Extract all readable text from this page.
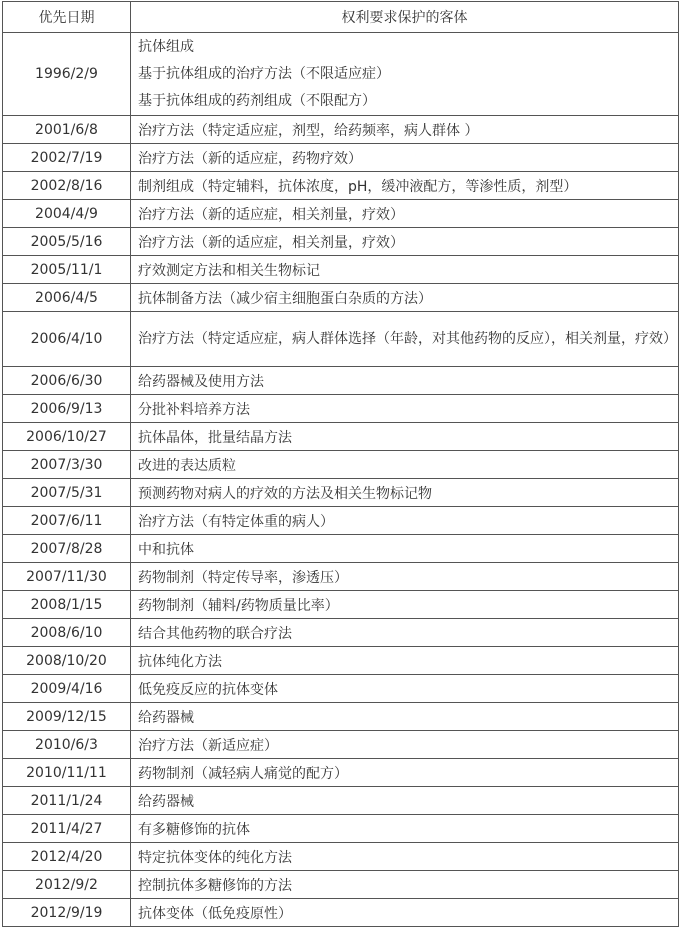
优先日期	权利要求保护的客体
1996/2/9	抗体组成
基于抗体组成的治疗方法（不限适应症）
基于抗体组成的药剂组成（不限配方）

2001/6/8	治疗方法（特定适应症，剂型，给药频率，病人群体 ）
2002/7/19	治疗方法（新的适应症，药物疗效）
2002/8/16	制剂组成（特定辅料，抗体浓度，pH，缓冲液配方，等渗性质，剂型）
2004/4/9	治疗方法（新的适应症，相关剂量，疗效）
2005/5/16	治疗方法（新的适应症，相关剂量，疗效）
2005/11/1	疗效测定方法和相关生物标记
2006/4/5	抗体制备方法（减少宿主细胞蛋白杂质的方法）
2006/4/10	治疗方法（特定适应症，病人群体选择（年龄，对其他药物的反应），相关剂量，疗效）
2006/6/30	给药器械及使用方法
2006/9/13	分批补料培养方法
2006/10/27	抗体晶体，批量结晶方法
2007/3/30	改进的表达质粒
2007/5/31	预测药物对病人的疗效的方法及相关生物标记物
2007/6/11	治疗方法（有特定体重的病人）
2007/8/28	中和抗体
2007/11/30	药物制剂（特定传导率，渗透压）
2008/1/15	药物制剂（辅料/药物质量比率）
2008/6/10	结合其他药物的联合疗法
2008/10/20	抗体纯化方法
2009/4/16	低免疫反应的抗体变体
2009/12/15	给药器械
2010/6/3	治疗方法（新适应症）
2010/11/11	药物制剂（减轻病人痛觉的配方）
2011/1/24	给药器械
2011/4/27	有多糖修饰的抗体
2012/4/20	特定抗体变体的纯化方法
2012/9/2	控制抗体多糖修饰的方法
2012/9/19	抗体变体（低免疫原性）
